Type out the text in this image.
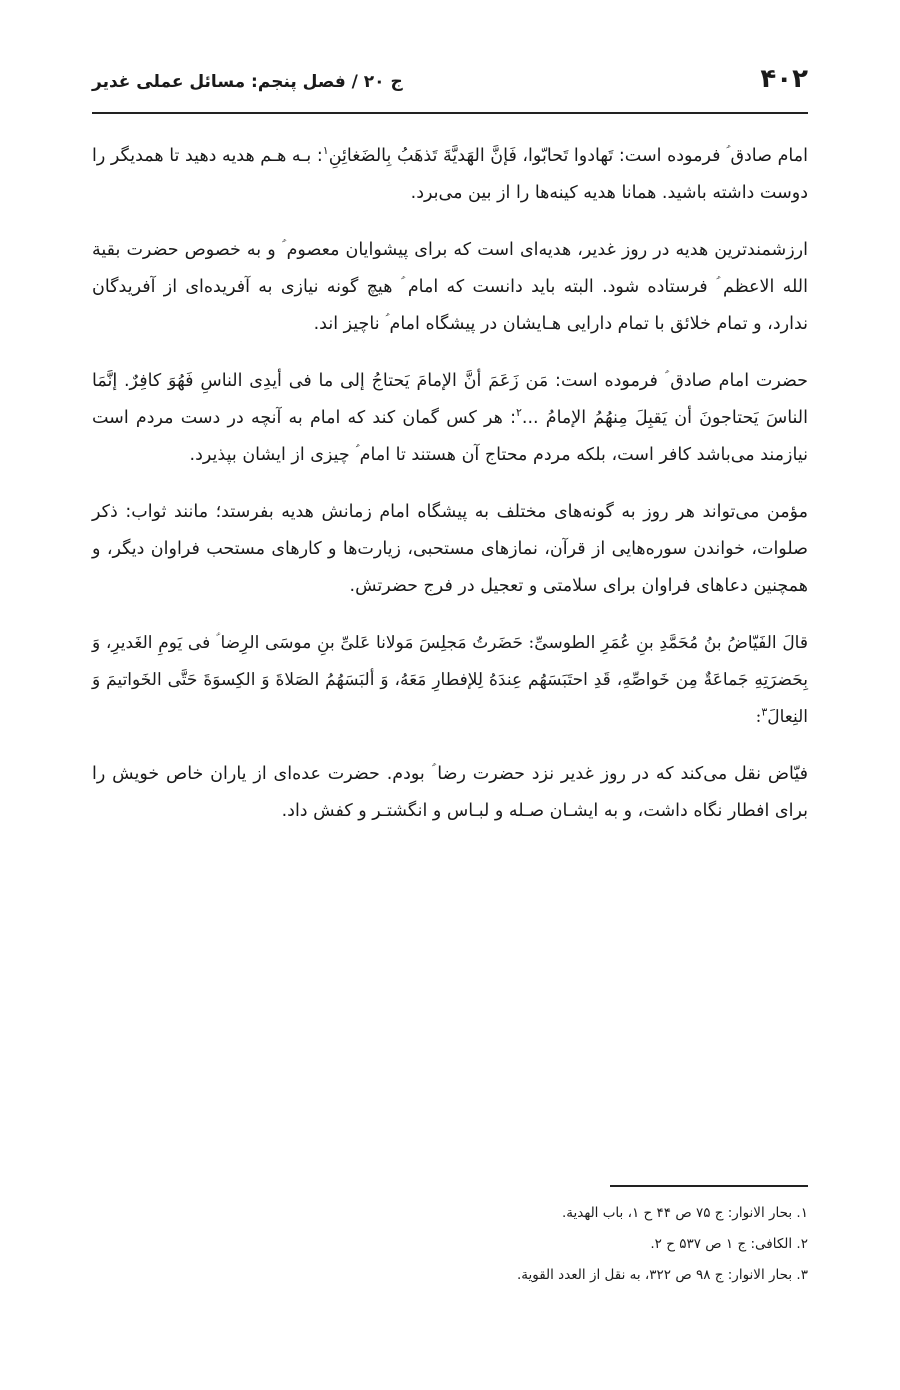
۴۰۲
ج ۲۰ / فصل پنجم: مسائل عملی غدیر

امام صادق ؑ فرموده است: تَهادوا تَحابّوا، فَإنَّ الهَدیَّةَ تَذهَبُ بِالضَغائِنِ$^۱$: بـه هـم هدیه دهید تا همدیگر را دوست داشته باشید. همانا هدیه کینه‌ها را از بین می‌برد.

ارزشمندترین هدیه در روز غدیر، هدیه‌ای است که برای پیشوایان معصوم ؑ و به خصوص حضرت بقیة الله الاعظم ؑ فرستاده شود. البته باید دانست که امام ؑ هیچ گونه نیازی به آفریده‌ای از آفریدگان ندارد، و تمام خلائق با تمام دارایی هـایشان در پیشگاه امام ؑ ناچیز اند.

حضرت امام صادق ؑ فرموده است: مَن زَعَمَ أنَّ الإمامَ یَحتاجُ إلی ما فی أیدِی الناسِ فَهُوَ کافِرٌ. إنَّمَا الناسَ یَحتاجونَ أن یَقبِلَ مِنهُمُ الإمامُ ...$^۲$: هر کس گمان کند که امام به آنچه در دست مردم است نیازمند می‌باشد کافر است، بلکه مردم محتاج آن هستند تا امام ؑ چیزی از ایشان بپذیرد.

مؤمن می‌تواند هر روز به گونه‌های مختلف به پیشگاه امام زمانش هدیه بفرستد؛ مانند ثواب: ذکر صلوات، خواندن سوره‌هایی از قرآن، نمازهای مستحبی، زیارت‌ها و کارهای مستحب فراوان دیگر، و همچنین دعاهای فراوان برای سلامتی و تعجیل در فرج حضرتش.

قالَ الفَیّاضُ بنُ مُحَمَّدِ بنِ عُمَرِ الطوسیِّ: حَضَرتُ مَجلِسَ مَولانا عَلیِّ بنِ موسَی الرِضا ؑ فی یَومِ الغَدیرِ، وَ بِحَضرَتِهِ جَماعَةٌ مِن خَواصِّهِ، قَدِ احتَبَسَهُم عِندَهُ لِلإفطارِ مَعَهُ، وَ ألبَسَهُمُ الصَلاةَ وَ الکِسوَةَ حَتَّی الخَواتیمَ وَ النِعالَ$^۳$:

فیّاض نقل می‌کند که در روز غدیر نزد حضرت رضا ؑ بودم. حضرت عده‌ای از یاران خاص خویش را برای افطار نگاه داشت، و به ایشـان صـله و لبـاس و انگشتـر و کفش داد.

۱. بحار الانوار: ج ۷۵ ص ۴۴ ح ۱، باب الهدیة.

۲. الکافی: ج ۱ ص ۵۳۷ ح ۲.

۳. بحار الانوار: ج ۹۸ ص ۳۲۲، به نقل از العدد القویة.
